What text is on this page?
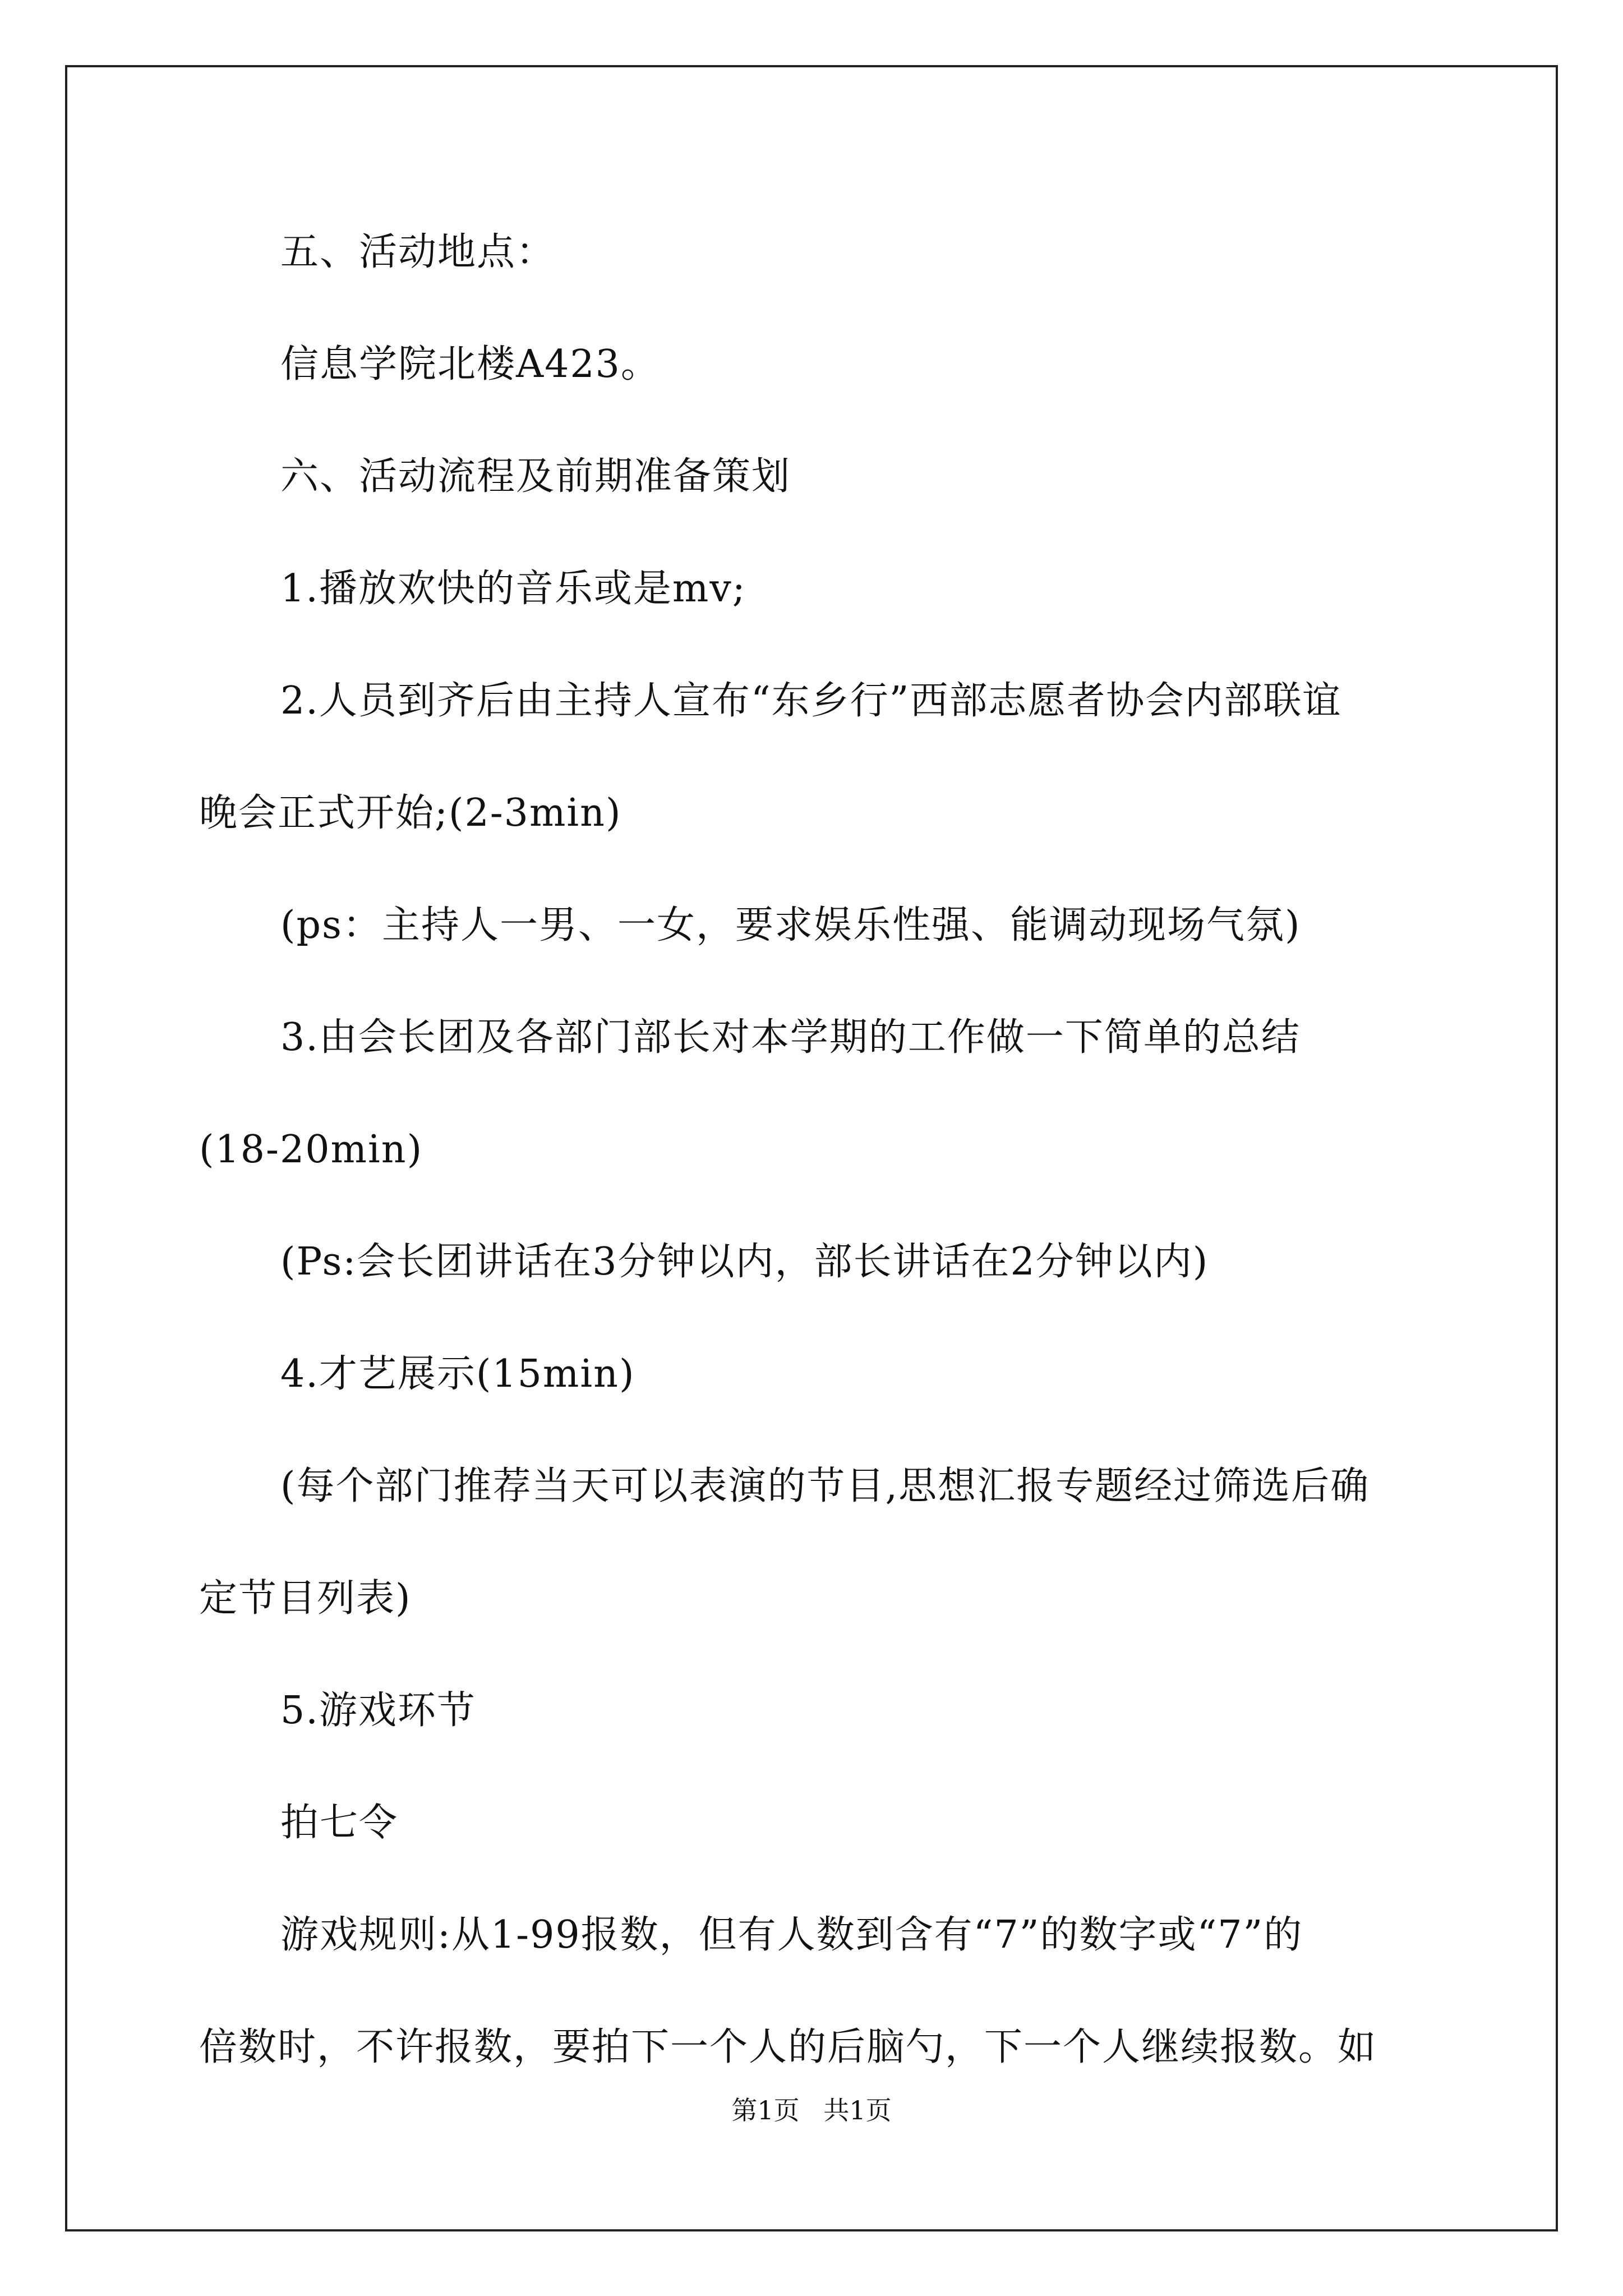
五、活动地点：
信息学院北楼A423。
六、活动流程及前期准备策划
1.播放欢快的音乐或是mv;
2.人员到齐后由主持人宣布“东乡行”西部志愿者协会内部联谊
晚会正式开始;(2-3min)
(ps：主持人一男、一女，要求娱乐性强、能调动现场气氛)
3.由会长团及各部门部长对本学期的工作做一下简单的总结
(18-20min)
(Ps:会长团讲话在3分钟以内，部长讲话在2分钟以内)
4.才艺展示(15min)
(每个部门推荐当天可以表演的节目,思想汇报专题经过筛选后确
定节目列表)
5.游戏环节
拍七令
游戏规则:从1-99报数，但有人数到含有“7”的数字或“7”的
倍数时，不许报数，要拍下一个人的后脑勺，下一个人继续报数。如
第1页 共1页
